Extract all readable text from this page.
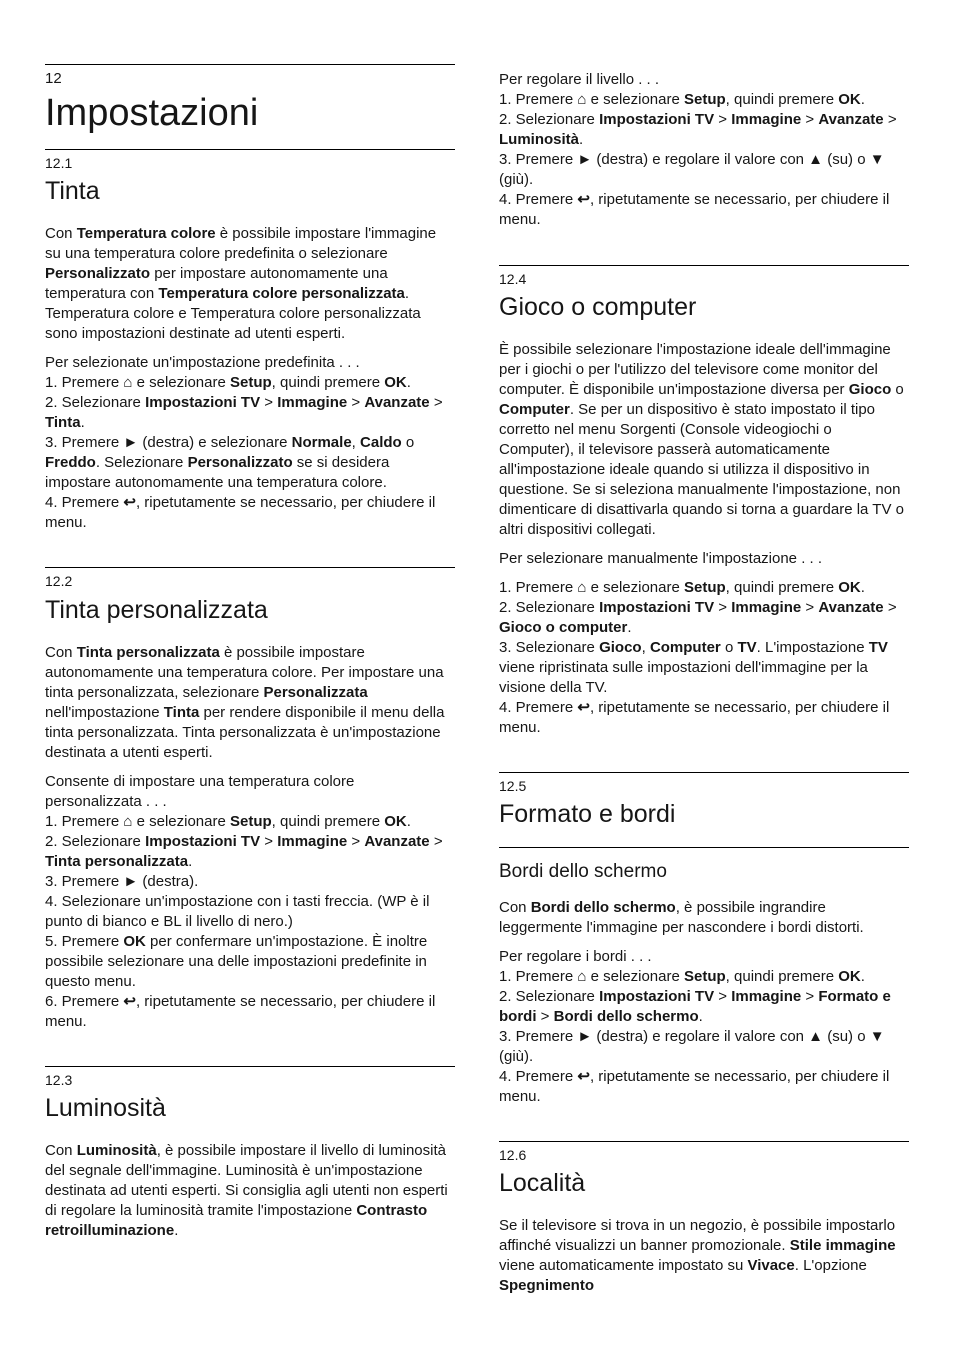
12
Impostazioni
12.1
Tinta

Con Temperatura colore è possibile impostare l'immagine su una temperatura colore predefinita o selezionare Personalizzato per impostare autonomamente una temperatura con Temperatura colore personalizzata. Temperatura colore e Temperatura colore personalizzata sono impostazioni destinate ad utenti esperti.

Per selezionate un'impostazione predefinita . . .
1. Premere ⌂ e selezionare Setup, quindi premere OK.
2. Selezionare Impostazioni TV > Immagine > Avanzate > Tinta.
3. Premere ► (destra) e selezionare Normale, Caldo o Freddo. Selezionare Personalizzato se si desidera impostare autonomamente una temperatura colore.
4. Premere ↩, ripetutamente se necessario, per chiudere il menu.
12.2
Tinta personalizzata

Con Tinta personalizzata è possibile impostare autonomamente una temperatura colore. Per impostare una tinta personalizzata, selezionare Personalizzata nell'impostazione Tinta per rendere disponibile il menu della tinta personalizzata. Tinta personalizzata è un'impostazione destinata a utenti esperti.

Consente di impostare una temperatura colore personalizzata . . .
1. Premere ⌂ e selezionare Setup, quindi premere OK.
2. Selezionare Impostazioni TV > Immagine > Avanzate > Tinta personalizzata.
3. Premere ► (destra).
4. Selezionare un'impostazione con i tasti freccia. (WP è il punto di bianco e BL il livello di nero.)
5. Premere OK per confermare un'impostazione. È inoltre possibile selezionare una delle impostazioni predefinite in questo menu.
6. Premere ↩, ripetutamente se necessario, per chiudere il menu.
12.3
Luminosità

Con Luminosità, è possibile impostare il livello di luminosità del segnale dell'immagine. Luminosità è un'impostazione destinata ad utenti esperti. Si consiglia agli utenti non esperti di regolare la luminosità tramite l'impostazione Contrasto retroilluminazione.

Per regolare il livello . . .
1. Premere ⌂ e selezionare Setup, quindi premere OK.
2. Selezionare Impostazioni TV > Immagine > Avanzate > Luminosità.
3. Premere ► (destra) e regolare il valore con ▲ (su) o ▼ (giù).
4. Premere ↩, ripetutamente se necessario, per chiudere il menu.
12.4
Gioco o computer

È possibile selezionare l'impostazione ideale dell'immagine per i giochi o per l'utilizzo del televisore come monitor del computer. È disponibile un'impostazione diversa per Gioco o Computer. Se per un dispositivo è stato impostato il tipo corretto nel menu Sorgenti (Console videogiochi o Computer), il televisore passerà automaticamente all'impostazione ideale quando si utilizza il dispositivo in questione. Se si seleziona manualmente l'impostazione, non dimenticare di disattivarla quando si torna a guardare la TV o altri dispositivi collegati.

Per selezionare manualmente l'impostazione . . .

1. Premere ⌂ e selezionare Setup, quindi premere OK.
2. Selezionare Impostazioni TV > Immagine > Avanzate > Gioco o computer.
3. Selezionare Gioco, Computer o TV. L'impostazione TV viene ripristinata sulle impostazioni dell'immagine per la visione della TV.
4. Premere ↩, ripetutamente se necessario, per chiudere il menu.
12.5
Formato e bordi
Bordi dello schermo

Con Bordi dello schermo, è possibile ingrandire leggermente l'immagine per nascondere i bordi distorti.

Per regolare i bordi . . .
1. Premere ⌂ e selezionare Setup, quindi premere OK.
2. Selezionare Impostazioni TV > Immagine > Formato e bordi > Bordi dello schermo.
3. Premere ► (destra) e regolare il valore con ▲ (su) o ▼ (giù).
4. Premere ↩, ripetutamente se necessario, per chiudere il menu.
12.6
Località

Se il televisore si trova in un negozio, è possibile impostarlo affinché visualizzi un banner promozionale. Stile immagine viene automaticamente impostato su Vivace. L'opzione Spegnimento
